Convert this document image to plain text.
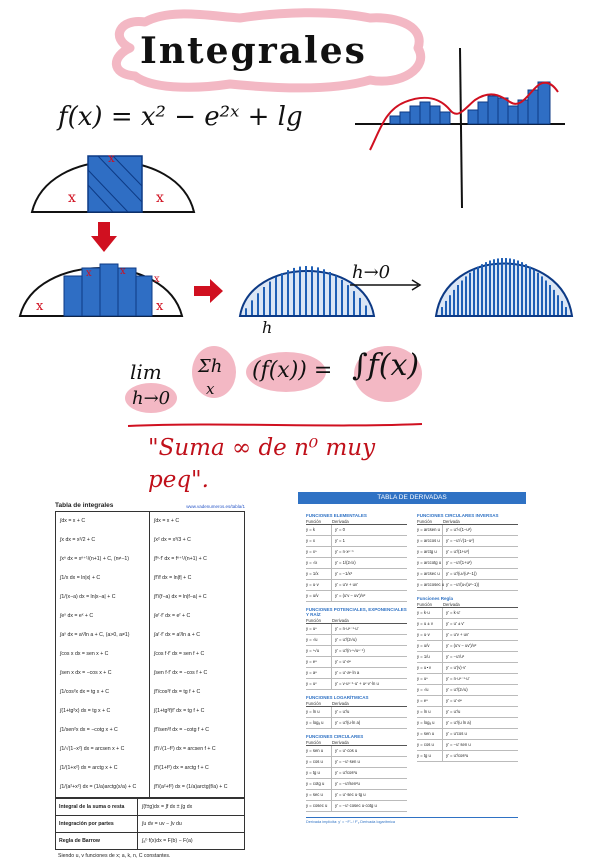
Integrales
f(x) = x² − e²ˣ + lg
x
x	x
x	x
x
x	x
h
h→0
lim
h→0
Σh
x
(f(x)) = ∫f(x)
"Suma ∞ de n⁰ muy peq".
Tabla de integrales	www.vadenumeros.es/tabla/1
∫dx = x + C	∫dx = x + C
∫x dx = x²/2 + C	∫x² dx = x³/3 + C
∫xⁿ dx = xⁿ⁺¹/(n+1) + C, (n≠−1)	∫fⁿ·f' dx = fⁿ⁺¹/(n+1) + C
∫1/x dx = ln|x| + C	∫f'/f dx = ln|f| + C
∫1/(x−a) dx = ln|x−a| + C	∫f'/(f−a) dx = ln|f−a| + C
∫eˣ dx = eˣ + C	∫eᶠ·f' dx = eᶠ + C
∫aˣ dx = aˣ/ln a + C, (a>0, a≠1)	∫aᶠ·f' dx = aᶠ/ln a + C
∫cos x dx = sen x + C	∫cos f·f' dx = sen f + C
∫sen x dx = −cos x + C	∫sen f·f' dx = −cos f + C
∫1/cos²x dx = tg x + C	∫f'/cos²f dx = tg f + C
∫(1+tg²x) dx = tg x + C	∫(1+tg²f)f' dx = tg f + C
∫1/sen²x dx = −cotg x + C	∫f'/sen²f dx = −cotg f + C
∫1/√(1−x²) dx = arcsen x + C	∫f'/√(1−f²) dx = arcsen f + C
∫1/(1+x²) dx = arctg x + C	∫f'/(1+f²) dx = arctg f + C
∫1/(a²+x²) dx = (1/a)arctg(x/a) + C	∫f'/(a²+f²) dx = (1/a)arctg(f/a) + C
Integral de la suma o resta	∫(f±g)dx = ∫f dx ± ∫g dx
Integración por partes	∫u dv = uv − ∫v du
Regla de Barrow	∫ₐᵇ f(x)dx = F(b) − F(a)
Siendo u, v funciones de x; a, k, n, C constantes.
TABLA DE DERIVADAS
FUNCIONES ELEMENTALES
Función	Derivada
y = k	y' = 0
y = x	y' = 1
y = xⁿ	y' = n·xⁿ⁻¹
y = √x	y' = 1/(2√x)
y = 1/x	y' = −1/x²
y = u·v	y' = u'v + uv'
y = u/v	y' = (u'v − uv')/v²
FUNCIONES POTENCIALES, EXPONENCIALES Y RAÍZ
Función	Derivada
y = uⁿ	y' = n·uⁿ⁻¹·u'
y = √u	y' = u'/(2√u)
y = ⁿ√u	y' = u'/(n·ⁿ√uⁿ⁻¹)
y = eᵘ	y' = u'·eᵘ
y = aᵘ	y' = u'·aᵘ·ln a
y = uᵛ	y' = v·uᵛ⁻¹·u' + uᵛ·v'·ln u
FUNCIONES LOGARÍTMICAS
Función	Derivada
y = ln u	y' = u'/u
y = logₐ u	y' = u'/(u·ln a)
FUNCIONES CIRCULARES
Función	Derivada
y = sen u	y' = u'·cos u
y = cos u	y' = −u'·sen u
y = tg u	y' = u'/cos²u
y = cotg u	y' = −u'/sen²u
y = sec u	y' = u'·sec u·tg u
y = cosec u	y' = −u'·cosec u·cotg u
FUNCIONES CIRCULARES INVERSAS
Función	Derivada
y = arcsen u	y' = u'/√(1−u²)
y = arccos u	y' = −u'/√(1−u²)
y = arctg u	y' = u'/(1+u²)
y = arccotg u	y' = −u'/(1+u²)
y = arcsec u	y' = u'/(u√(u²−1))
y = arccosec u y' = −u'/(u√(u²−1))
Funciones Regla
Función	Derivada
y = k·u	y' = k·u'
y = u ± v	y' = u' ± v'
y = u·v	y' = u'v + uv'
y = u/v	y' = (u'v − uv')/v²
y = 1/u	y' = −u'/u²
y = u∘v	y' = u'(v)·v'
y = uⁿ	y' = n·uⁿ⁻¹·u'
y = √u	y' = u'/(2√u)
y = eᵘ	y' = u'·eᵘ
y = ln u	y' = u'/u
y = logₐ u	y' = u'/(u ln a)
y = sen u	y' = u'cos u
y = cos u	y' = −u' sen u
y = tg u	y' = u'/cos²u
Derivada implícita: y' = −F'ₓ / F'ᵧ Derivada logarítmica
